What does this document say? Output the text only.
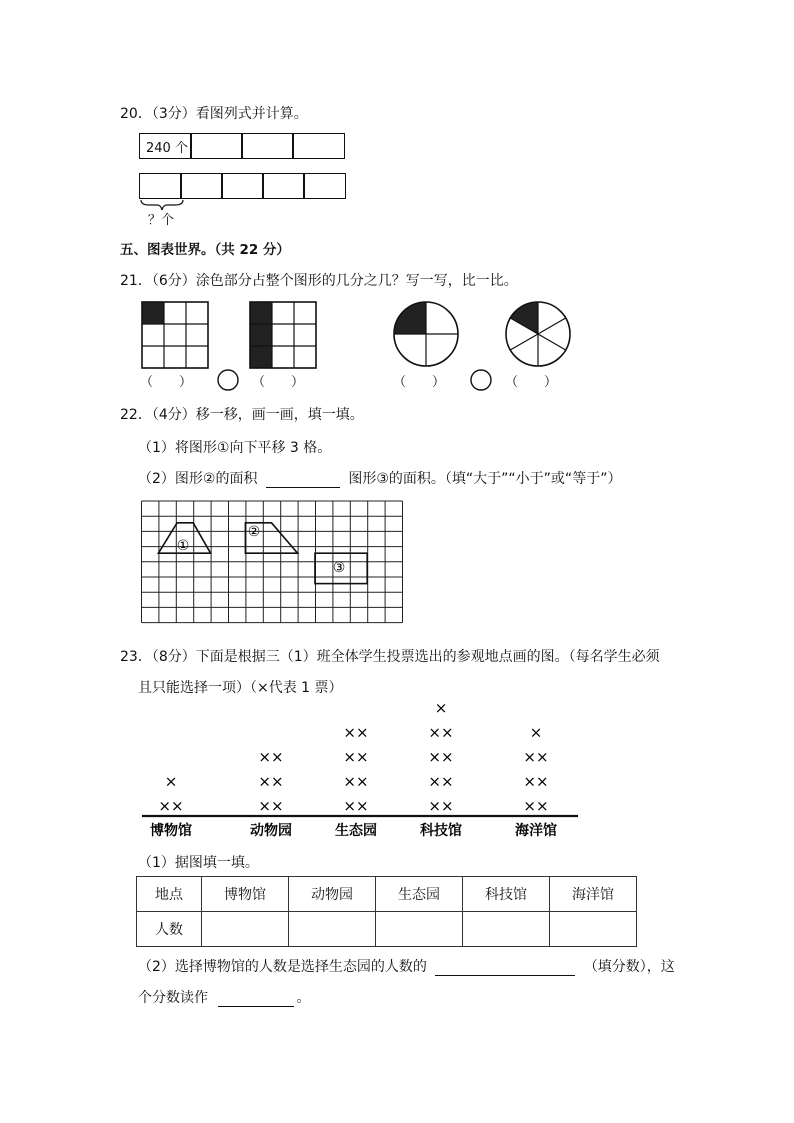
20．（3分）看图列式并计算。
240 个
？个
五、图表世界。（共 22 分）
21．（6分）涂色部分占整个图形的几分之几？写一写，比一比。
（　　）	（　　）	（　　）	（　　）
22．（4分）移一移，画一画，填一填。
（1）将图形①向下平移 3 格。
（2）图形②的面积	图形③的面积。（填“大于”“小于”或“等于”）
①
②
③
23．（8分）下面是根据三（1）班全体学生投票选出的参观地点画的图。（每名学生必须
且只能选择一项）（×代表 1 票）
××
×
××
××
××
××
××
××
××
××
××
××
××
×
××
××
××
×
博物馆	动物园	生态园	科技馆	海洋馆
（1）据图填一填。
地点	博物馆	动物园	生态园	科技馆	海洋馆
人数					
（2）选择博物馆的人数是选择生态园的人数的	（填分数），这
个分数读作	。
